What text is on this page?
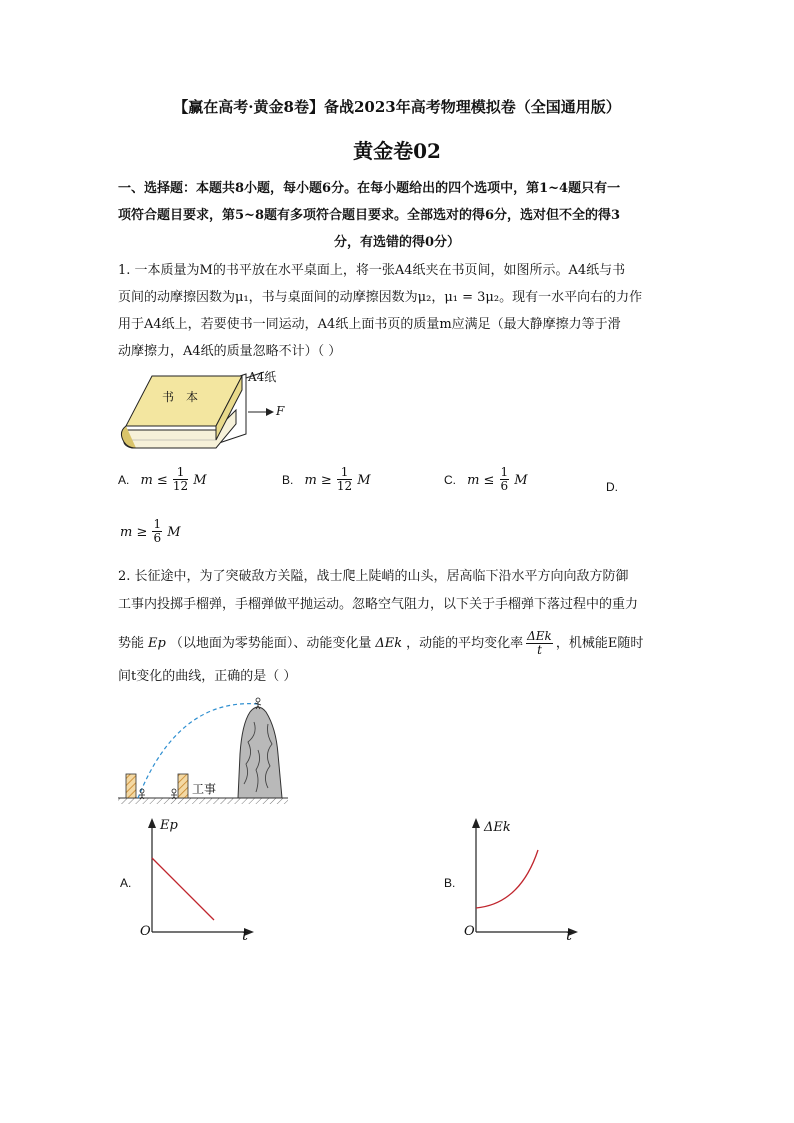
【赢在高考·黄金8卷】备战2023年高考物理模拟卷（全国通用版）
黄金卷02
一、选择题：本题共8小题，每小题6分。在每小题给出的四个选项中，第1~4题只有一
项符合题目要求，第5~8题有多项符合题目要求。全部选对的得6分，选对但不全的得3
分，有选错的得0分）
1. 一本质量为M的书平放在水平桌面上，将一张A4纸夹在书页间，如图所示。A4纸与书
页间的动摩擦因数为μ₁，书与桌面间的动摩擦因数为μ₂，μ₁ = 3μ₂。现有一水平向右的力作
用于A4纸上，若要使书一同运动，A4纸上面书页的质量m应满足（最大静摩擦力等于滑
动摩擦力，A4纸的质量忽略不计）（ ）
书　本
A4纸
F
A. $m \le \frac{1}{12}$ M	B. $m \ge \frac{1}{12}$ M	C. $m \le \frac{1}{6}$ M	D.
$m \ge \frac{1}{6}$ M
2. 长征途中，为了突破敌方关隘，战士爬上陡峭的山头，居高临下沿水平方向向敌方防御
工事内投掷手榴弹，手榴弹做平抛运动。忽略空气阻力，以下关于手榴弹下落过程中的重力
势能 Ep （以地面为零势能面）、动能变化量 ΔEk ，动能的平均变化率 $\frac{\text{ΔEk}}{t}$ ，机械能E随时
间t变化的曲线，正确的是（ ）
工事
A.
Ep
O	t
B.
ΔEk
O	t
